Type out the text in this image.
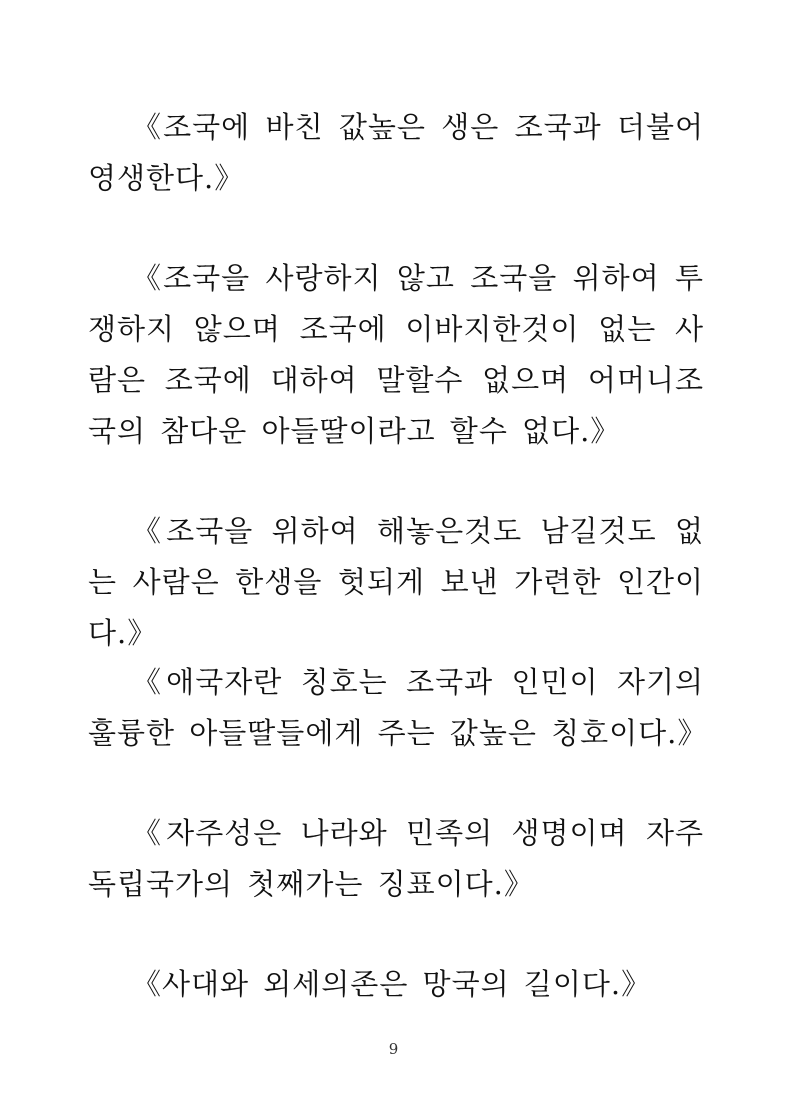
《조국에 바친 값높은 생은 조국과 더불어 영생한다.》

《조국을 사랑하지 않고 조국을 위하여 투쟁하지 않으며 조국에 이바지한것이 없는 사람은 조국에 대하여 말할수 없으며 어머니조국의 참다운 아들딸이라고 할수 없다.》

《조국을 위하여 해놓은것도 남길것도 없는 사람은 한생을 헛되게 보낸 가련한 인간이다.》

《애국자란 칭호는 조국과 인민이 자기의 훌륭한 아들딸들에게 주는 값높은 칭호이다.》

《자주성은 나라와 민족의 생명이며 자주독립국가의 첫째가는 징표이다.》

《사대와 외세의존은 망국의 길이다.》

9
